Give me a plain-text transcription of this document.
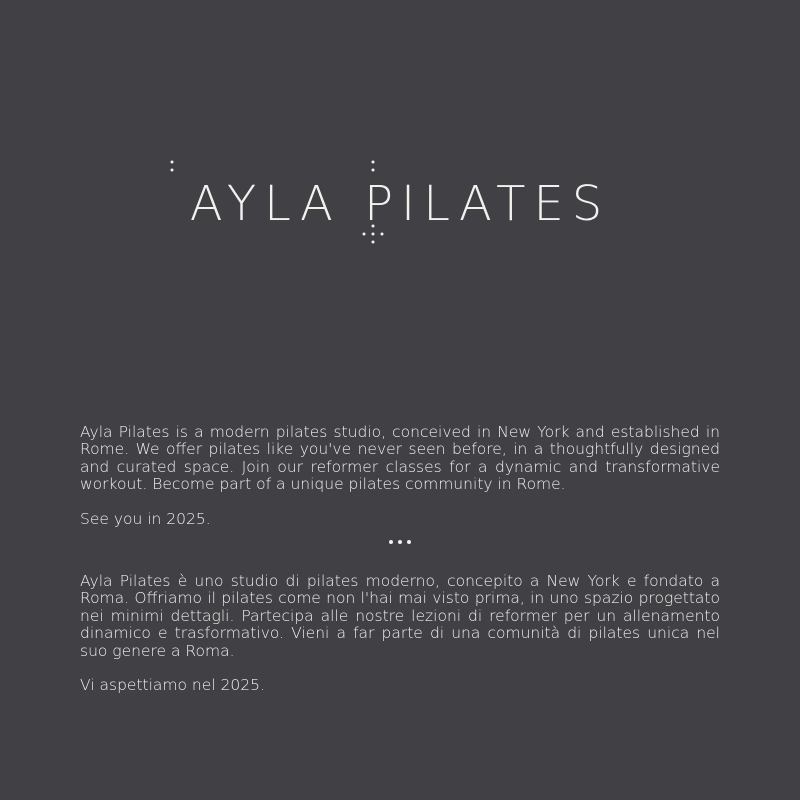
AYLA PILATES

Ayla Pilates is a modern pilates studio, conceived in New York and established in Rome. We offer pilates like you've never seen before, in a thoughtfully designed and curated space. Join our reformer classes for a dynamic and transformative workout. Become part of a unique pilates community in Rome.

See you in 2025.

Ayla Pilates è uno studio di pilates moderno, concepito a New York e fondato a Roma. Offriamo il pilates come non l'hai mai visto prima, in uno spazio progettato nei minimi dettagli. Partecipa alle nostre lezioni di reformer per un allenamento dinamico e trasformativo. Vieni a far parte di una comunità di pilates unica nel suo genere a Roma.

Vi aspettiamo nel 2025.
